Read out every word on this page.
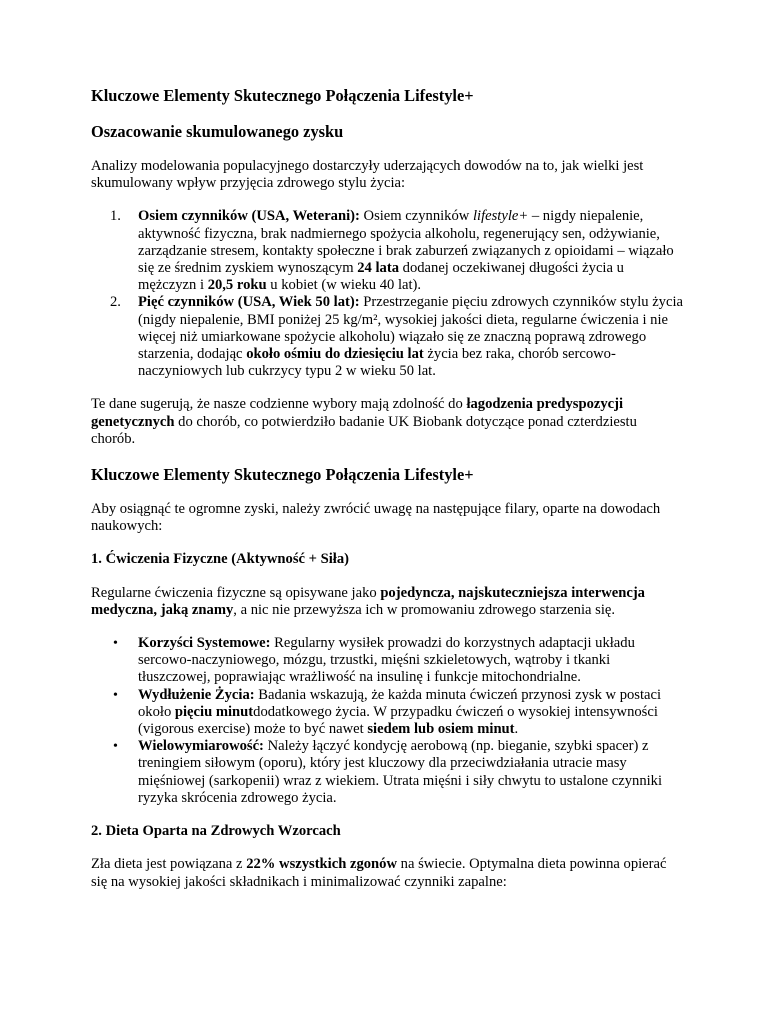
Kluczowe Elementy Skutecznego Połączenia Lifestyle+
Oszacowanie skumulowanego zysku

Analizy modelowania populacyjnego dostarczyły uderzających dowodów na to, jak wielki jest skumulowany wpływ przyjęcia zdrowego stylu życia:

1. Osiem czynników (USA, Weterani): Osiem czynników lifestyle+ – nigdy niepalenie, aktywność fizyczna, brak nadmiernego spożycia alkoholu, regenerujący sen, odżywianie, zarządzanie stresem, kontakty społeczne i brak zaburzeń związanych z opioidami – wiązało się ze średnim zyskiem wynoszącym 24 lata dodanej oczekiwanej długości życia u mężczyzn i 20,5 roku u kobiet (w wieku 40 lat).
2. Pięć czynników (USA, Wiek 50 lat): Przestrzeganie pięciu zdrowych czynników stylu życia (nigdy niepalenie, BMI poniżej 25 kg/m², wysokiej jakości dieta, regularne ćwiczenia i nie więcej niż umiarkowane spożycie alkoholu) wiązało się ze znaczną poprawą zdrowego starzenia, dodając około ośmiu do dziesięciu lat życia bez raka, chorób sercowo-naczyniowych lub cukrzycy typu 2 w wieku 50 lat.

Te dane sugerują, że nasze codzienne wybory mają zdolność do łagodzenia predyspozycji genetycznych do chorób, co potwierdziło badanie UK Biobank dotyczące ponad czterdziestu chorób.

Kluczowe Elementy Skutecznego Połączenia Lifestyle+

Aby osiągnąć te ogromne zyski, należy zwrócić uwagę na następujące filary, oparte na dowodach naukowych:

1. Ćwiczenia Fizyczne (Aktywność + Siła)

Regularne ćwiczenia fizyczne są opisywane jako pojedyncza, najskuteczniejsza interwencja medyczna, jaką znamy, a nic nie przewyższa ich w promowaniu zdrowego starzenia się.

• Korzyści Systemowe: Regularny wysiłek prowadzi do korzystnych adaptacji układu sercowo-naczyniowego, mózgu, trzustki, mięśni szkieletowych, wątroby i tkanki tłuszczowej, poprawiając wrażliwość na insulinę i funkcje mitochondrialne.
• Wydłużenie Życia: Badania wskazują, że każda minuta ćwiczeń przynosi zysk w postaci około pięciu minutdodatkowego życia. W przypadku ćwiczeń o wysokiej intensywności (vigorous exercise) może to być nawet siedem lub osiem minut.
• Wielowymiarowość: Należy łączyć kondycję aerobową (np. bieganie, szybki spacer) z treningiem siłowym (oporu), który jest kluczowy dla przeciwdziałania utracie masy mięśniowej (sarkopenii) wraz z wiekiem. Utrata mięśni i siły chwytu to ustalone czynniki ryzyka skrócenia zdrowego życia.
2. Dieta Oparta na Zdrowych Wzorcach

Zła dieta jest powiązana z 22% wszystkich zgonów na świecie. Optymalna dieta powinna opierać się na wysokiej jakości składnikach i minimalizować czynniki zapalne:
